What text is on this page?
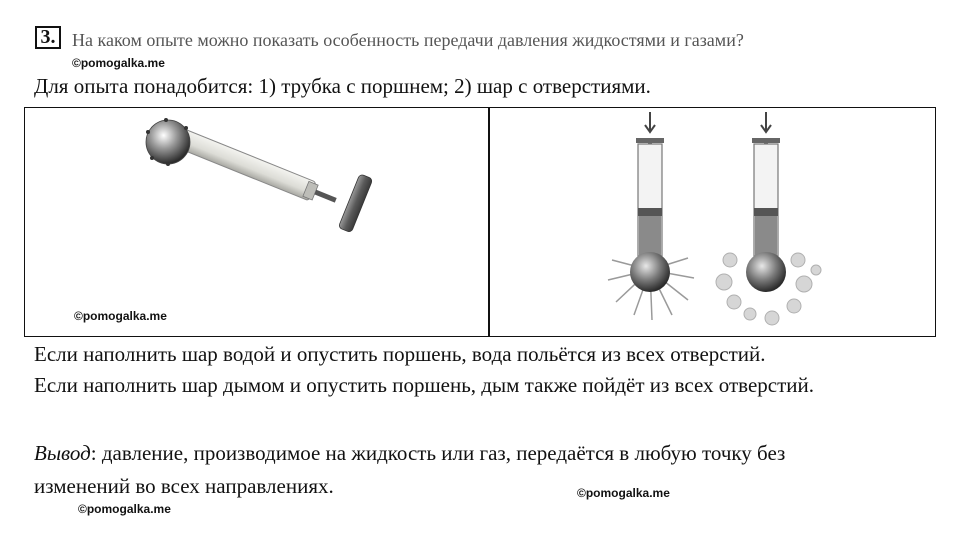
3. На каком опыте можно показать особенность передачи давления жидкостями и газами?
©pomogalka.me
Для опыта понадобится: 1) трубка с поршнем; 2) шар с отверстиями.
©pomogalka.me
Если наполнить шар водой и опустить поршень, вода польётся из всех отверстий.
Если наполнить шар дымом и опустить поршень, дым также пойдёт из всех отверстий.
Вывод: давление, производимое на жидкость или газ, передаётся в любую точку без
изменений во всех направлениях.	©pomogalka.me
©pomogalka.me
